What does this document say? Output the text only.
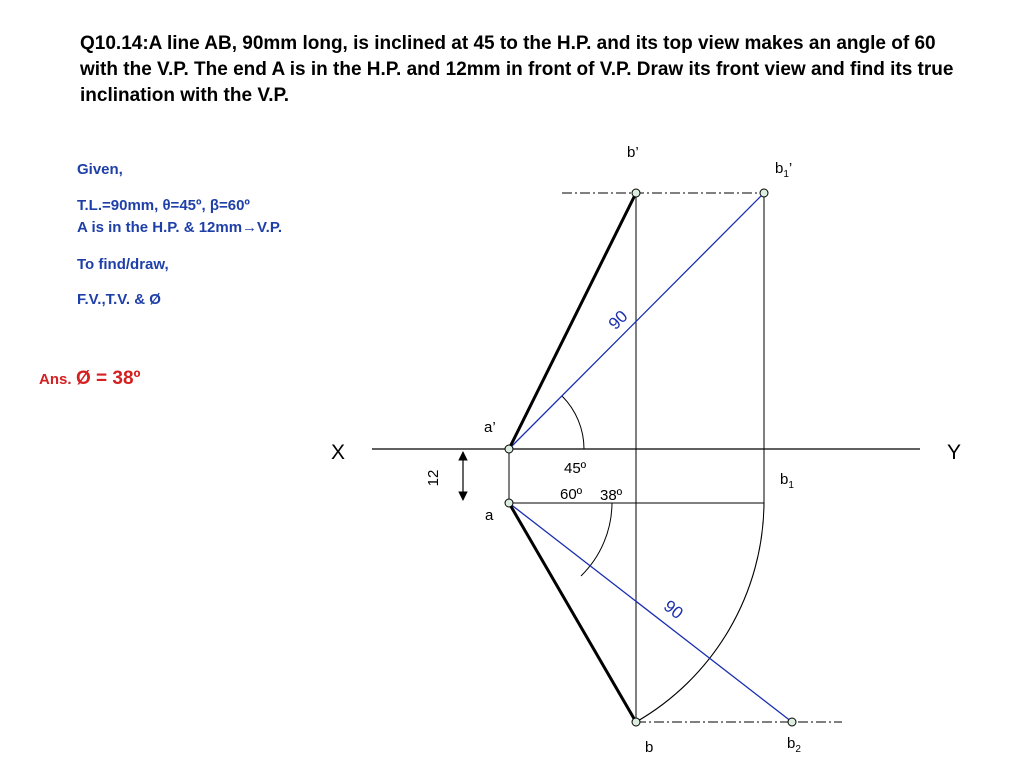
Q10.14:A line AB, 90mm long, is inclined at 45 to the H.P. and its top view makes an angle of 60 with the V.P. The end A is in the H.P. and 12mm in front of V.P. Draw its front view and find its true inclination with the V.P.
Given,
T.L.=90mm, θ=45º, β=60º
A is in the H.P. & 12mm→V.P.
To find/draw,
F.V.,T.V. & Ø
Ans. Ø = 38º
X	Y
12
90
90
45º
60º 38º
a’
a
b’
b
$b_1$’
$b_1$
$b_2$
